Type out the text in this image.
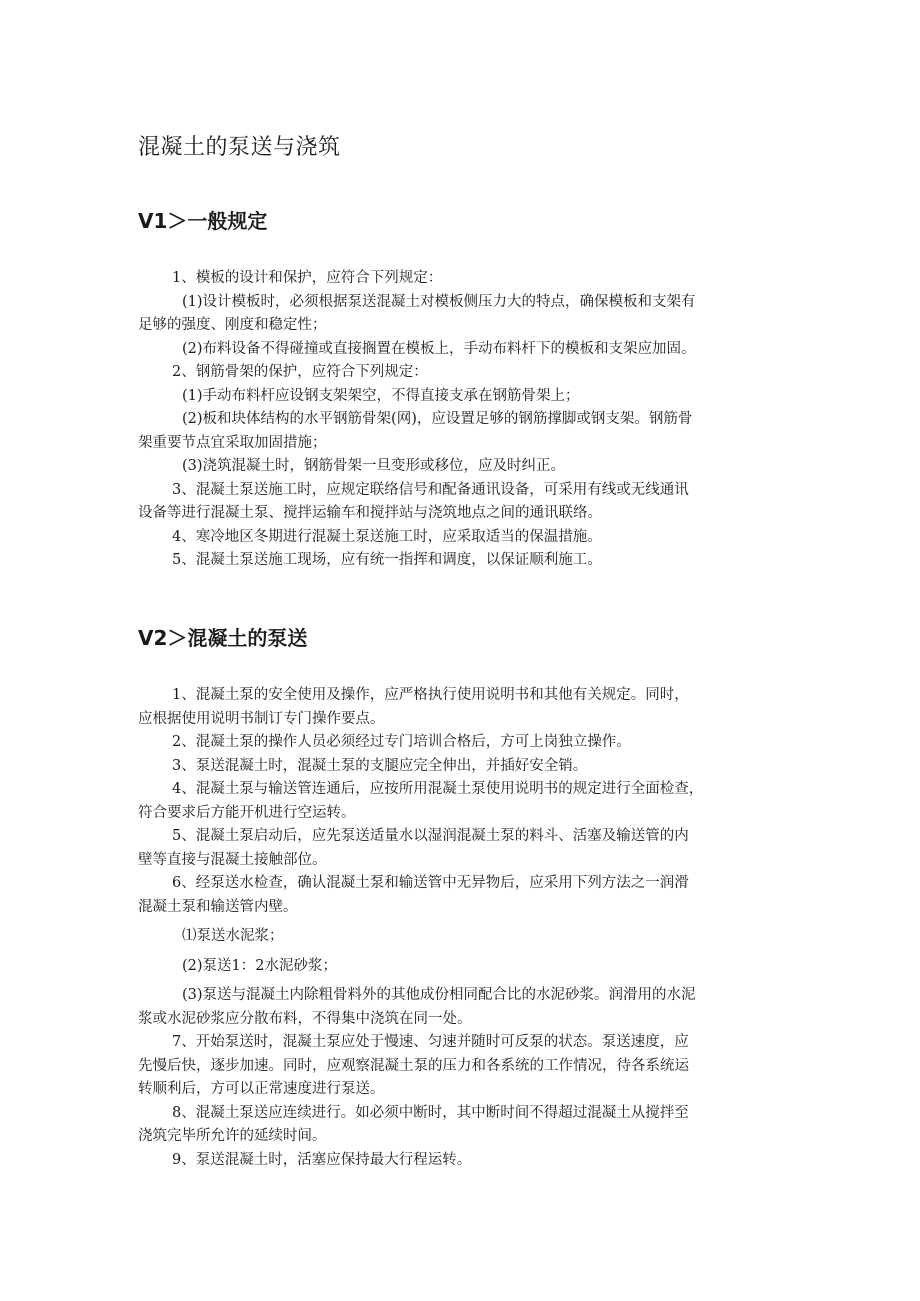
混凝土的泵送与浇筑
V1＞一般规定

1、模板的设计和保护，应符合下列规定：

(1)设计模板时，必须根据泵送混凝土对模板侧压力大的特点，确保模板和支架有

足够的强度、刚度和稳定性；

(2)布料设备不得碰撞或直接搁置在模板上，手动布料杆下的模板和支架应加固。

2、钢筋骨架的保护，应符合下列规定：

(1)手动布料杆应设钢支架架空，不得直接支承在钢筋骨架上；

(2)板和块体结构的水平钢筋骨架(网)，应设置足够的钢筋撑脚或钢支架。钢筋骨

架重要节点宜采取加固措施；

(3)浇筑混凝土时，钢筋骨架一旦变形或移位，应及时纠正。

3、混凝土泵送施工时，应规定联络信号和配备通讯设备，可采用有线或无线通讯

设备等进行混凝土泵、搅拌运输车和搅拌站与浇筑地点之间的通讯联络。

4、寒冷地区冬期进行混凝土泵送施工时，应采取适当的保温措施。

5、混凝土泵送施工现场，应有统一指挥和调度，以保证顺利施工。

V2＞混凝土的泵送

1、混凝土泵的安全使用及操作，应严格执行使用说明书和其他有关规定。同时，

应根据使用说明书制订专门操作要点。

2、混凝土泵的操作人员必须经过专门培训合格后，方可上岗独立操作。

3、泵送混凝土时，混凝土泵的支腿应完全伸出，并插好安全销。

4、混凝土泵与输送管连通后，应按所用混凝土泵使用说明书的规定进行全面检查，

符合要求后方能开机进行空运转。

5、混凝土泵启动后，应先泵送适量水以湿润混凝土泵的料斗、活塞及输送管的内

壁等直接与混凝土接触部位。

6、经泵送水检查，确认混凝土泵和输送管中无异物后，应采用下列方法之一润滑

混凝土泵和输送管内壁。

⑴泵送水泥浆；

(2)泵送1：2水泥砂浆；

(3)泵送与混凝土内除粗骨料外的其他成份相同配合比的水泥砂浆。润滑用的水泥

浆或水泥砂浆应分散布料，不得集中浇筑在同一处。

7、开始泵送时，混凝土泵应处于慢速、匀速并随时可反泵的状态。泵送速度，应

先慢后快，逐步加速。同时，应观察混凝土泵的压力和各系统的工作情况，待各系统运

转顺利后，方可以正常速度进行泵送。

8、混凝土泵送应连续进行。如必须中断时，其中断时间不得超过混凝土从搅拌至

浇筑完毕所允许的延续时间。

9、泵送混凝土时，活塞应保持最大行程运转。
